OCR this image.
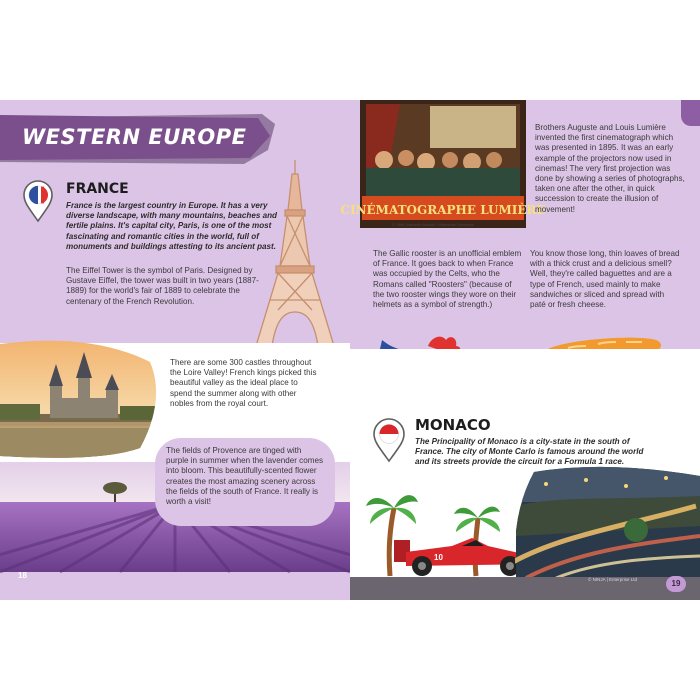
WESTERN EUROPE
FRANCE
France is the largest country in Europe. It has a very diverse landscape, with many mountains, beaches and fertile plains. It's capital city, Paris, is one of the most fascinating and romantic cities in the world, full of monuments and buildings attesting to its ancient past.
The Eiffel Tower is the symbol of Paris. Designed by Gustave Eiffel, the tower was built in two years (1887-1889) for the world's fair of 1889 to celebrate the centenary of the French Revolution.
There are some 300 castles throughout the Loire Valley! French kings picked this beautiful valley as the ideal place to spend the summer along with other nobles from the royal court.
The fields of Provence are tinged with purple in summer when the lavender comes into bloom. This beautifully-scented flower creates the most amazing scenery across the fields of the south of France. It really is worth a visit!
CINÉMATOGRAPHE LUMIÈRE
© 1896, Marcellin Auzolle / Wikimedia Commons
Brothers Auguste and Louis Lumière invented the first cinematograph which was presented in 1895. It was an early example of the projectors now used in cinemas! The very first projection was done by showing a series of photographs, taken one after the other, in quick succession to create the illusion of movement!
The Gallic rooster is an unofficial emblem of France. It goes back to when France was occupied by the Celts, who the Romans called "Roosters" (because of the two rooster wings they wore on their helmets as a symbol of strength.)
You know those long, thin loaves of bread with a thick crust and a delicious smell? Well, they're called baguettes and are a type of French, used mainly to make sandwiches or sliced and spread with paté or fresh cheese.
MONACO
The Principality of Monaco is a city-state in the south of France. The city of Monte Carlo is famous around the world and its streets provide the circuit for a Formula 1 race.
10
18	© NINJA | Enterprise Ltd	19
